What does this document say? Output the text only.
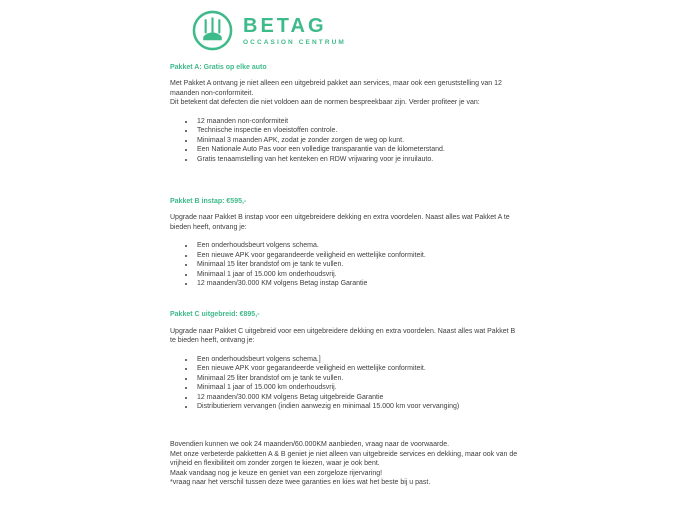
BETAG
OCCASION CENTRUM
Pakket A: Gratis op elke auto

Met Pakket A ontvang je niet alleen een uitgebreid pakket aan services, maar ook een geruststelling van 12 maanden non-conformiteit.

Dit betekent dat defecten die niet voldoen aan de normen bespreekbaar zijn. Verder profiteer je van:

• 12 maanden non-conformiteit
• Technische inspectie en vloeistoffen controle.
• Minimaal 3 maanden APK, zodat je zonder zorgen de weg op kunt.
• Een Nationale Auto Pas voor een volledige transparantie van de kilometerstand.
• Gratis tenaamstelling van het kenteken en RDW vrijwaring voor je inruilauto.
Pakket B instap: €595,-

Upgrade naar Pakket B instap voor een uitgebreidere dekking en extra voordelen. Naast alles wat Pakket A te bieden heeft, ontvang je:

• Een onderhoudsbeurt volgens schema.
• Een nieuwe APK voor gegarandeerde veiligheid en wettelijke conformiteit.
• Minimaal 15 liter brandstof om je tank te vullen.
• Minimaal 1 jaar of 15.000 km onderhoudsvrij.
• 12 maanden/30.000 KM volgens Betag instap Garantie
Pakket C uitgebreid: €895,-

Upgrade naar Pakket C uitgebreid voor een uitgebreidere dekking en extra voordelen. Naast alles wat Pakket B te bieden heeft, ontvang je:

• Een onderhoudsbeurt volgens schema.]
• Een nieuwe APK voor gegarandeerde veiligheid en wettelijke conformiteit.
• Minimaal 25 liter brandstof om je tank te vullen.
• Minimaal 1 jaar of 15.000 km onderhoudsvrij.
• 12 maanden/30.000 KM volgens Betag uitgebreide Garantie
• Distributieriem vervangen (indien aanwezig en minimaal 15.000 km voor vervanging)

Bovendien kunnen we ook 24 maanden/60.000KM aanbieden, vraag naar de voorwaarde.

Met onze verbeterde pakketten A & B geniet je niet alleen van uitgebreide services en dekking, maar ook van de vrijheid en flexibiliteit om zonder zorgen te kiezen, waar je ook bent.

Maak vandaag nog je keuze en geniet van een zorgeloze rijervaring!

*vraag naar het verschil tussen deze twee garanties en kies wat het beste bij u past.
